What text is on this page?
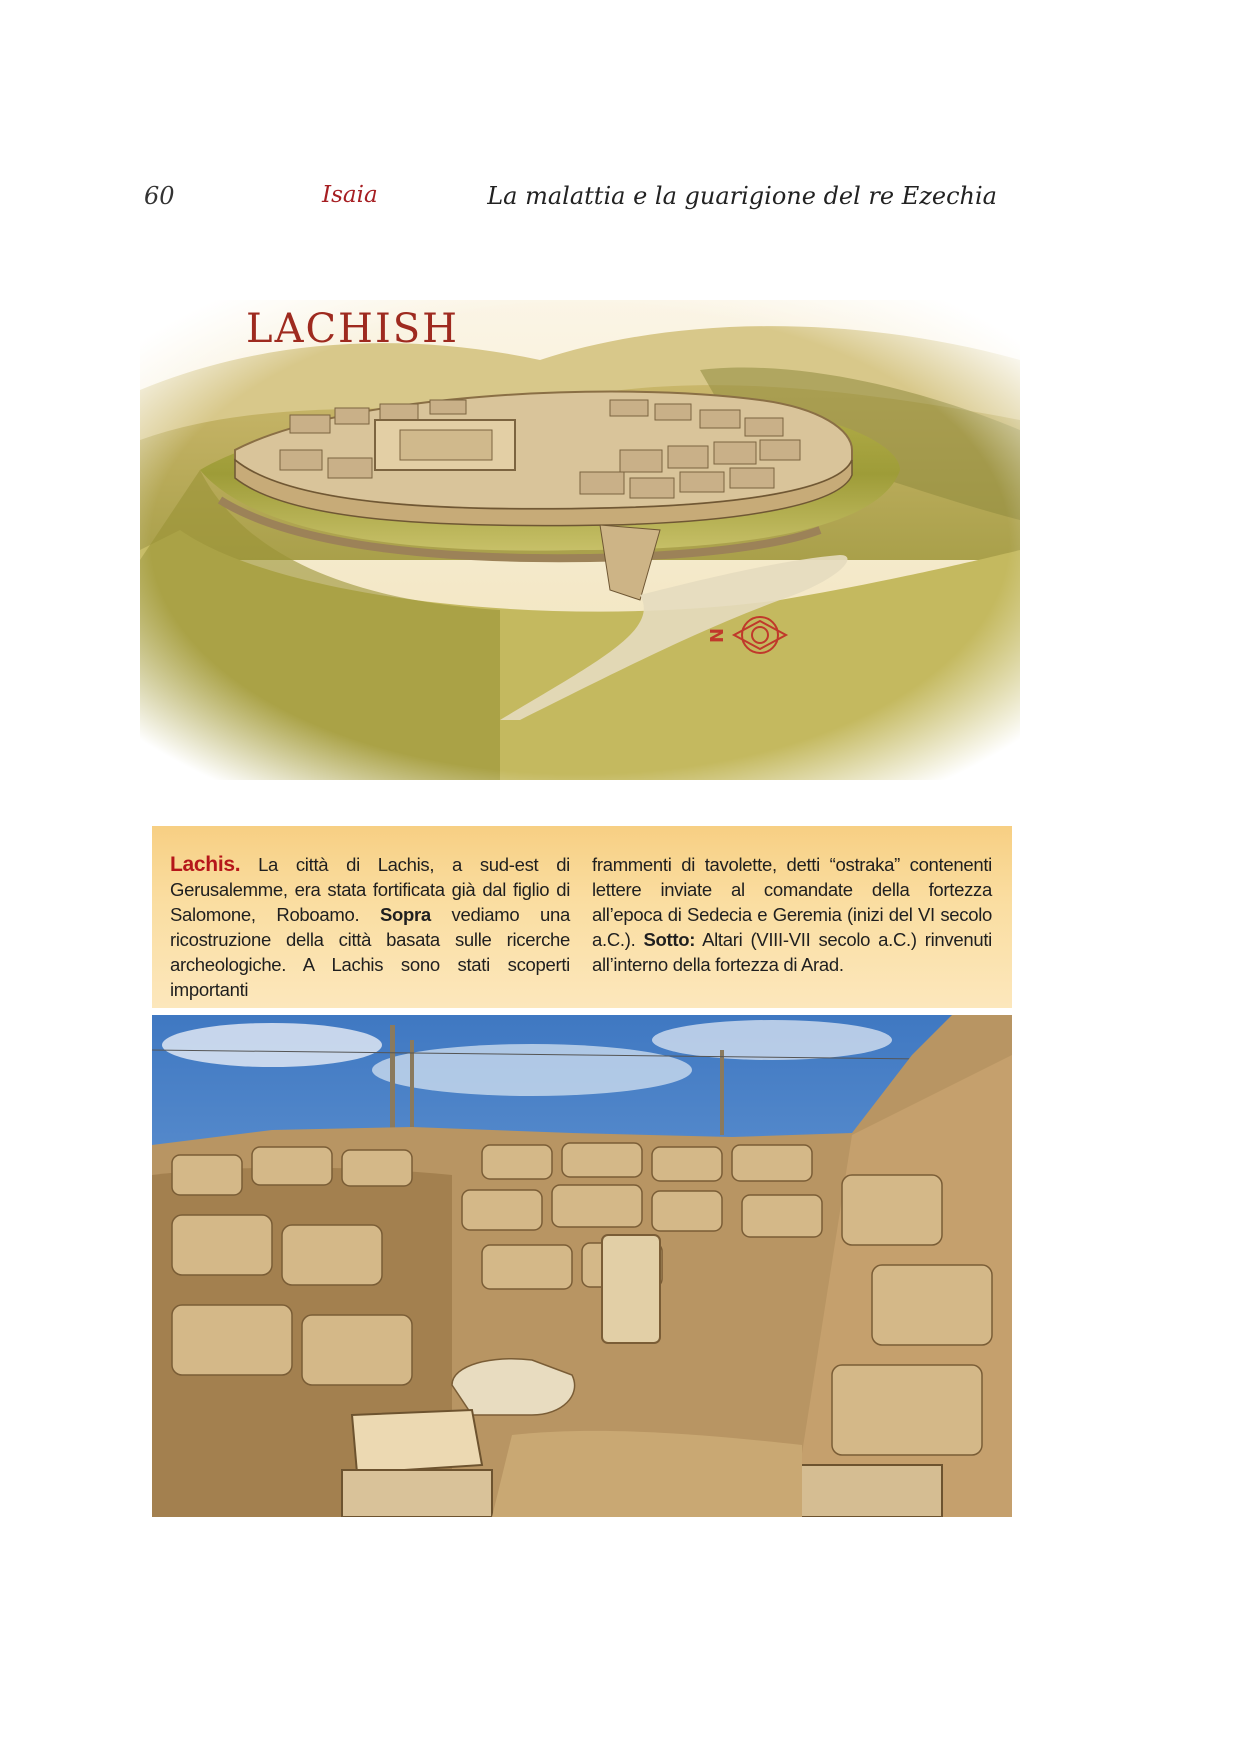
60	Isaia	La malattia e la guarigione del re Ezechia
LACHISH
Lachis. La città di Lachis, a sud-est di Gerusalemme, era stata fortificata già dal figlio di Salomone, Roboamo. Sopra vediamo una ricostruzione della città basata sulle ricerche archeologiche. A Lachis sono stati scoperti importanti
frammenti di tavolette, detti “ostraka” contenenti lettere inviate al comandate della fortezza all’epoca di Sedecia e Geremia (inizi del VI secolo a.C.). Sotto: Altari (VIII-VII secolo a.C.) rinvenuti all’interno della fortezza di Arad.
